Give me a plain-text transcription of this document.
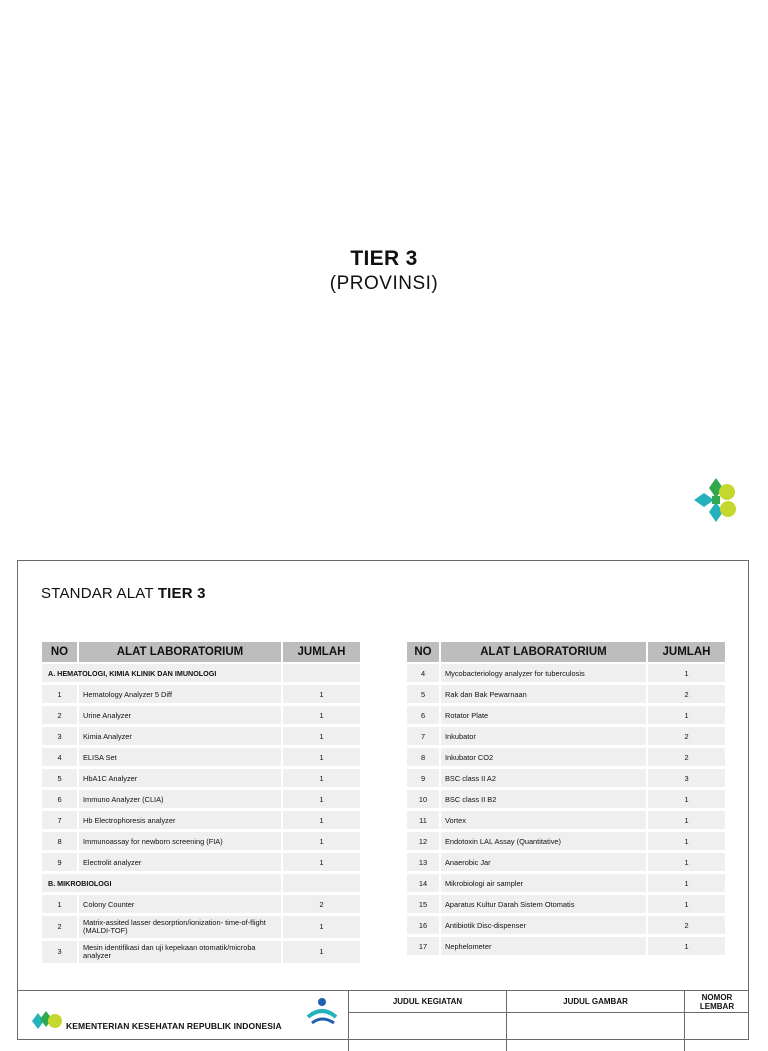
TIER 3
(PROVINSI)
STANDAR ALAT TIER 3
NO	ALAT LABORATORIUM	JUMLAH
A. HEMATOLOGI, KIMIA KLINIK DAN IMUNOLOGI		
1	Hematology Analyzer 5 Diff	1
2	Urine Analyzer	1
3	Kimia Analyzer	1
4	ELISA Set	1
5	HbA1C Analyzer	1
6	Immuno Analyzer (CLIA)	1
7	Hb Electrophoresis analyzer	1
8	Immunoassay for newborn screening (FIA)	1
9	Electrolit analyzer	1
B. MIKROBIOLOGI		
1	Colony Counter	2
2	Matrix-assited lasser desorption/ionization- time-of-flight (MALDI-TOF)	1
3	Mesin identifikasi dan uji kepekaan otomatik/microba analyzer	1
NO	ALAT LABORATORIUM	JUMLAH
4	Mycobacteriology analyzer for tuberculosis	1
5	Rak dan Bak Pewarnaan	2
6	Rotator Plate	1
7	Inkubator	2
8	Inkubator CO2	2
9	BSC class II A2	3
10	BSC class II B2	1
11	Vortex	1
12	Endotoxin LAL Assay (Quantitative)	1
13	Anaerobic Jar	1
14	Mikrobiologi air sampler	1
15	Aparatus Kultur Darah Sistem Otomatis	1
16	Antibiotik Disc-dispenser	2
17	Nephelometer	1
KEMENTERIAN KESEHATAN REPUBLIK INDONESIA
JUDUL KEGIATAN	JUDUL GAMBAR	NOMOR LEMBAR
